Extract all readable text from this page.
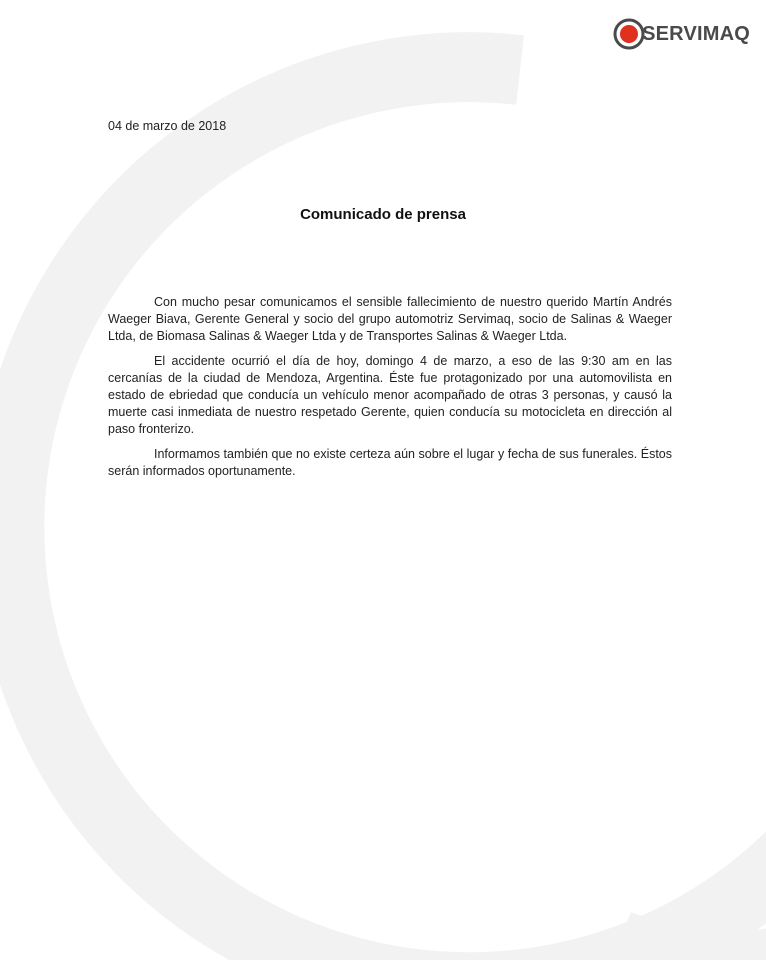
SERVIMAQ
04 de marzo de 2018
Comunicado de prensa

Con mucho pesar comunicamos el sensible fallecimiento de nuestro querido Martín Andrés Waeger Biava, Gerente General y socio del grupo automotriz Servimaq, socio de Salinas & Waeger Ltda, de Biomasa Salinas & Waeger Ltda y de Transportes Salinas & Waeger Ltda.

El accidente ocurrió el día de hoy, domingo 4 de marzo, a eso de las 9:30 am en las cercanías de la ciudad de Mendoza, Argentina. Éste fue protagonizado por una automovilista en estado de ebriedad que conducía un vehículo menor acompañado de otras 3 personas, y causó la muerte casi inmediata de nuestro respetado Gerente, quien conducía su motocicleta en dirección al paso fronterizo.

Informamos también que no existe certeza aún sobre el lugar y fecha de sus funerales. Éstos serán informados oportunamente.
